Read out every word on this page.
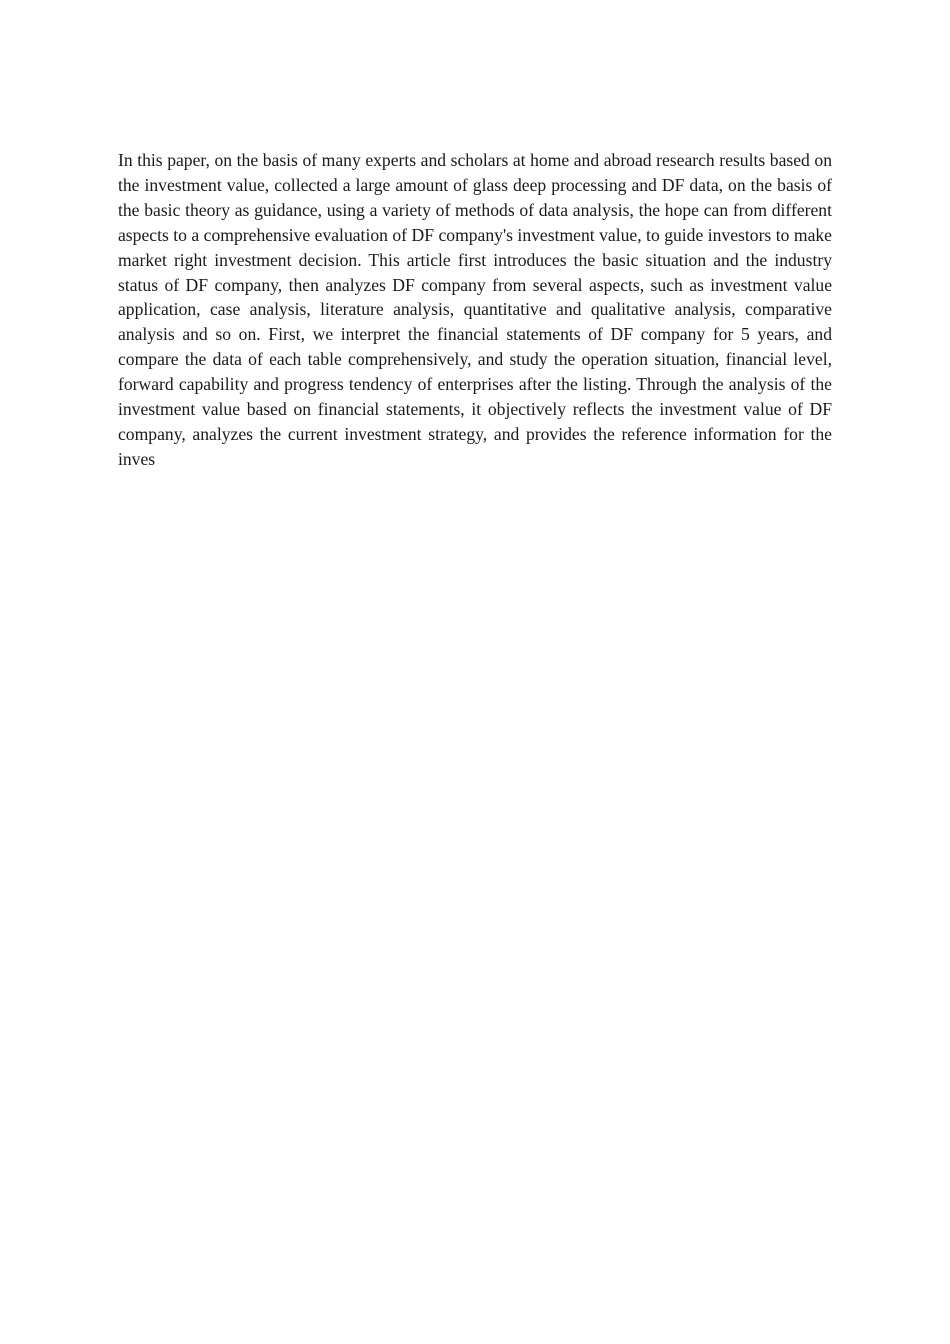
In this paper, on the basis of many experts and scholars at home and abroad research results based on the investment value, collected a large amount of glass deep processing and DF data, on the basis of the basic theory as guidance, using a variety of methods of data analysis, the hope can from different aspects to a comprehensive evaluation of DF company's investment value, to guide investors to make market right investment decision. This article first introduces the basic situation and the industry status of DF company, then analyzes DF company from several aspects, such as investment value application, case analysis, literature analysis, quantitative and qualitative analysis, comparative analysis and so on. First, we interpret the financial statements of DF company for 5 years, and compare the data of each table comprehensively, and study the operation situation, financial level, forward capability and progress tendency of enterprises after the listing. Through the analysis of the investment value based on financial statements, it objectively reflects the investment value of DF company, analyzes the current investment strategy, and provides the reference information for the inves
